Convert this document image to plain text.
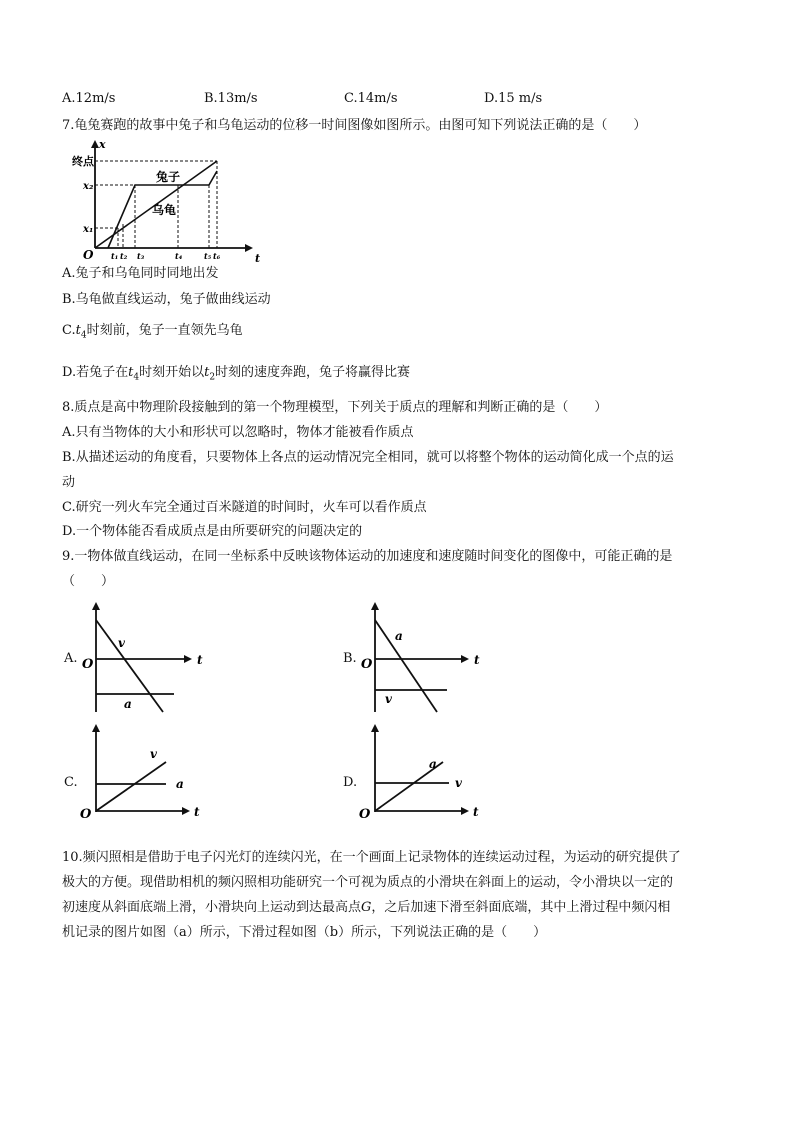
A.12m/s	B.13m/s	C.14m/s	D.15 m/s
7.龟兔赛跑的故事中兔子和乌龟运动的位移一时间图像如图所示。由图可知下列说法正确的是（　　）
终点
x₂
x₁
x
O	t
t₁ t₂ t₃	t₄	t₅ t₆
兔子
乌龟
A.兔子和乌龟同时同地出发
B.乌龟做直线运动，兔子做曲线运动
$C.t_4$时刻前，兔子一直领先乌龟
D.若兔子在$t_4$时刻开始以$t_2$时刻的速度奔跑，兔子将赢得比赛
8.质点是高中物理阶段接触到的第一个物理模型，下列关于质点的理解和判断正确的是（　　）
A.只有当物体的大小和形状可以忽略时，物体才能被看作质点
B.从描述运动的角度看，只要物体上各点的运动情况完全相同，就可以将整个物体的运动简化成一个点的运
动
C.研究一列火车完全通过百米隧道的时间时，火车可以看作质点
D.一个物体能否看成质点是由所要研究的问题决定的
9.一物体做直线运动，在同一坐标系中反映该物体运动的加速度和速度随时间变化的图像中，可能正确的是
（　　）
A. O	t
v
a
B. O	t
a
v
C.
O	t
v
a	D.
O	t
a
v
10.频闪照相是借助于电子闪光灯的连续闪光，在一个画面上记录物体的连续运动过程，为运动的研究提供了
极大的方便。现借助相机的频闪照相功能研究一个可视为质点的小滑块在斜面上的运动，令小滑块以一定的
初速度从斜面底端上滑，小滑块向上运动到达最高点G，之后加速下滑至斜面底端，其中上滑过程中频闪相
机记录的图片如图（a）所示，下滑过程如图（b）所示，下列说法正确的是（　　）
